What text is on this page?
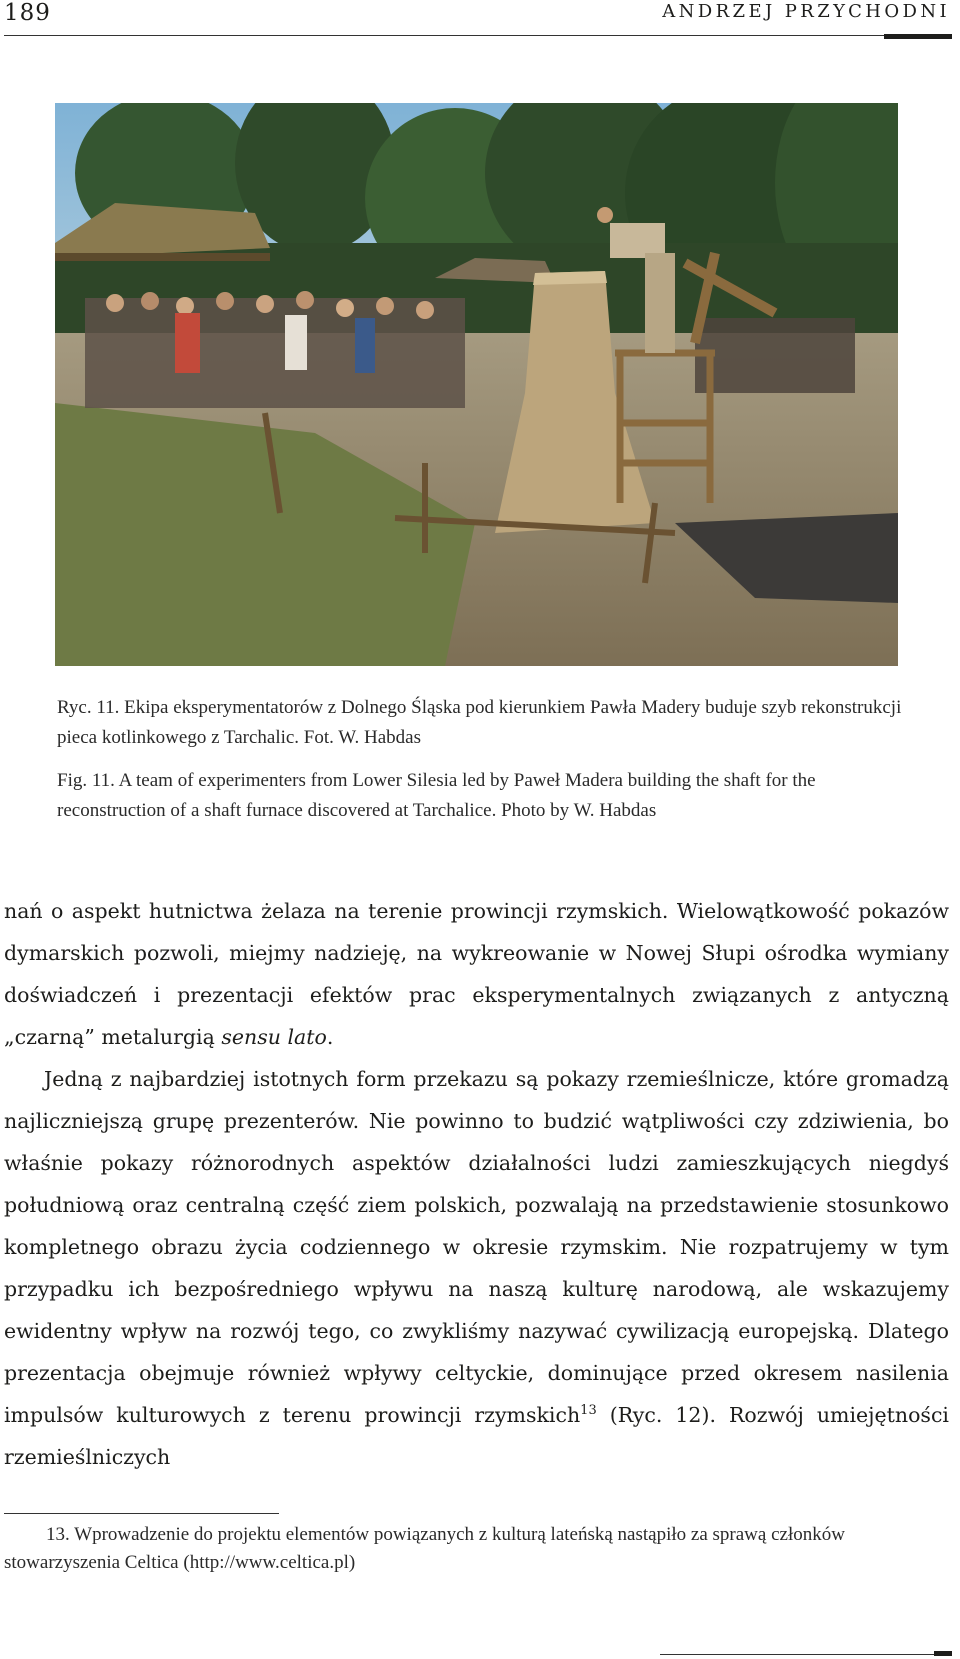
189	ANDRZEJ PRZYCHODNI
Ryc. 11. Ekipa eksperymentatorów z Dolnego Śląska pod kierunkiem Pawła Madery buduje szyb rekonstrukcji pieca kotlinkowego z Tarchalic. Fot. W. Habdas
Fig. 11. A team of experimenters from Lower Silesia led by Paweł Madera building the shaft for the reconstruction of a shaft furnace discovered at Tarchalice. Photo by W. Habdas

nań o aspekt hutnictwa żelaza na terenie prowincji rzymskich. Wielowątkowość pokazów dymarskich pozwoli, miejmy nadzieję, na wykreowanie w Nowej Słupi ośrodka wymiany doświadczeń i prezentacji efektów prac eksperymentalnych związanych z antyczną „czarną” metalurgią sensu lato.

Jedną z najbardziej istotnych form przekazu są pokazy rzemieślnicze, które gromadzą najliczniejszą grupę prezenterów. Nie powinno to budzić wątpliwości czy zdziwienia, bo właśnie pokazy różnorodnych aspektów działalności ludzi zamieszkujących niegdyś południową oraz centralną część ziem polskich, pozwalają na przedstawienie stosunkowo kompletnego obrazu życia codziennego w okresie rzymskim. Nie rozpatrujemy w tym przypadku ich bezpośredniego wpływu na naszą kulturę narodową, ale wskazujemy ewidentny wpływ na rozwój tego, co zwykliśmy nazywać cywilizacją europejską. Dlatego prezentacja obejmuje również wpływy celtyckie, dominujące przed okresem nasilenia impulsów kulturowych z terenu prowincji rzymskich$^{13}$ (Ryc. 12). Rozwój umiejętności rzemieślniczych

13. Wprowadzenie do projektu elementów powiązanych z kulturą lateńską nastąpiło za sprawą członków stowarzyszenia Celtica (http://www.celtica.pl)
